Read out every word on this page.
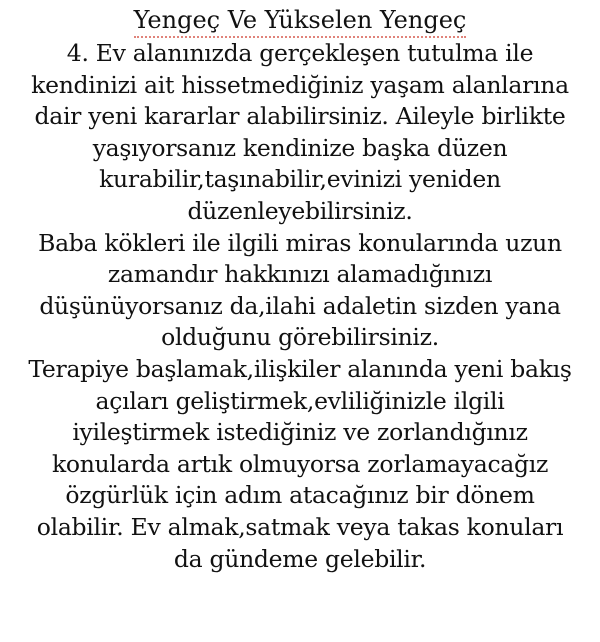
Yengeç Ve Yükselen Yengeç

4. Ev alanınızda gerçekleşen tutulma ile

kendinizi ait hissetmediğiniz yaşam alanlarına

dair yeni kararlar alabilirsiniz. Aileyle birlikte

yaşıyorsanız kendinize başka düzen

kurabilir,taşınabilir,evinizi yeniden

düzenleyebilirsiniz.

Baba kökleri ile ilgili miras konularında uzun

zamandır hakkınızı alamadığınızı

düşünüyorsanız da,ilahi adaletin sizden yana

olduğunu görebilirsiniz.

Terapiye başlamak,ilişkiler alanında yeni bakış

açıları geliştirmek,evliliğinizle ilgili

iyileştirmek istediğiniz ve zorlandığınız

konularda artık olmuyorsa zorlamayacağız

özgürlük için adım atacağınız bir dönem

olabilir. Ev almak,satmak veya takas konuları

da gündeme gelebilir.
